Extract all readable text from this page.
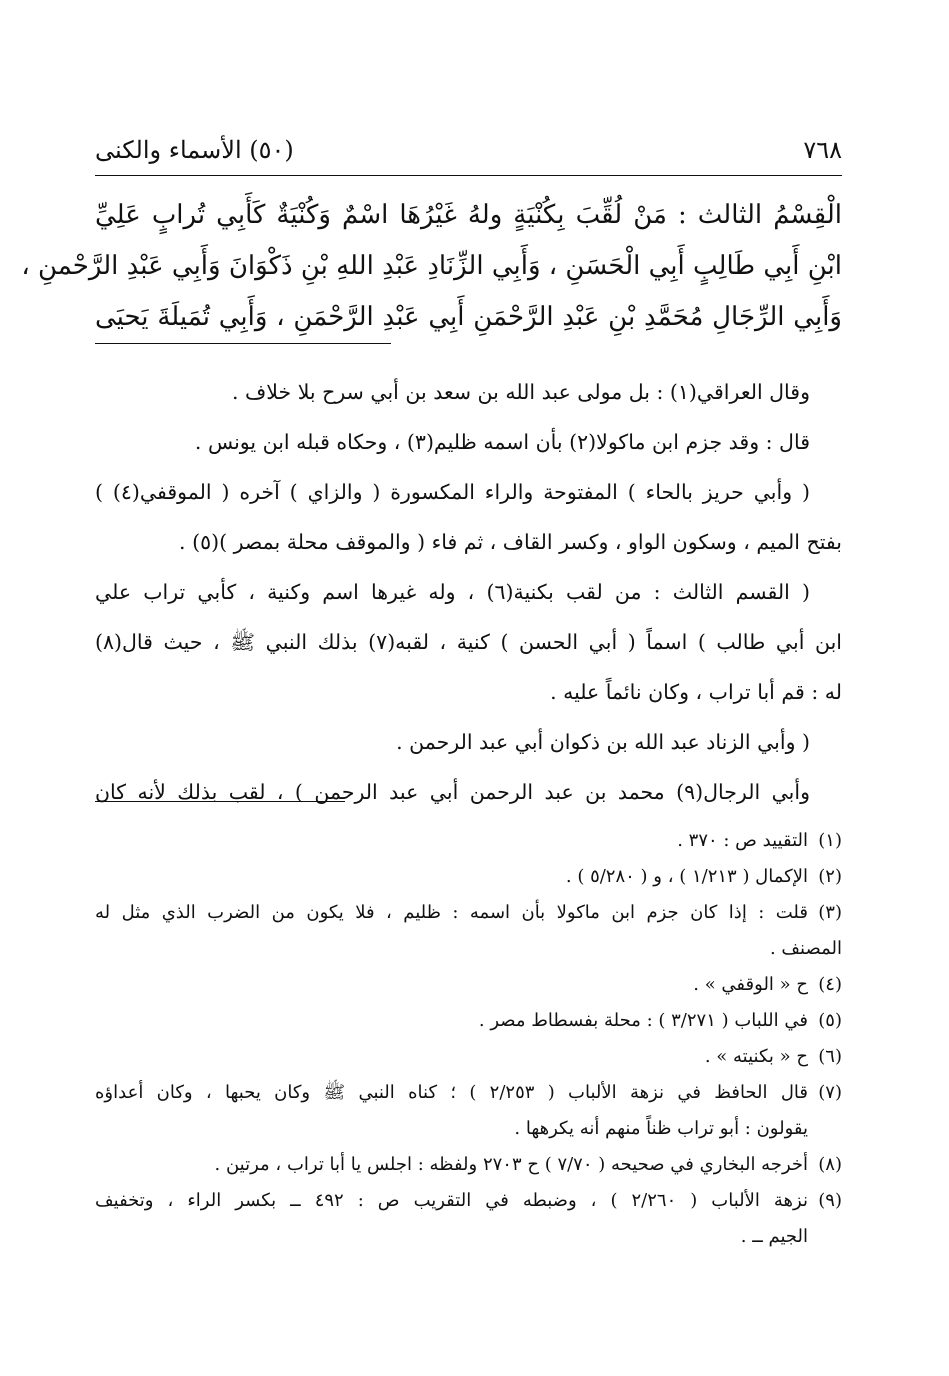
٧٦٨
(٥٠) الأسماء والكنى
الْقِسْمُ الثالث : مَنْ لُقِّبَ بِكُنْيَةٍ ولهُ غَيْرُهَا اسْمٌ وَكُنْيَةٌ كَأَبِي تُرابٍ عَلِيِّ
ابْنِ أَبِي طَالِبٍ أَبِي الْحَسَنِ ، وَأَبِي الزِّنَادِ عَبْدِ اللهِ بْنِ ذَكْوَانَ وَأَبِي عَبْدِ الرَّحْمنِ ،
وَأَبِي الرِّجَالِ مُحَمَّدِ بْنِ عَبْدِ الرَّحْمَنِ أَبِي عَبْدِ الرَّحْمَنِ ، وَأَبِي تُمَيلَةَ يَحيَى
وقال العراقي(١) : بل مولى عبد الله بن سعد بن أبي سرح بلا خلاف .
قال : وقد جزم ابن ماكولا(٢) بأن اسمه ظليم(٣) ، وحكاه قبله ابن يونس .
( وأبي حريز بالحاء ) المفتوحة والراء المكسورة ( والزاي ) آخره ( الموقفي(٤) )
بفتح الميم ، وسكون الواو ، وكسر القاف ، ثم فاء ( والموقف محلة بمصر )(٥) .
( القسم الثالث : من لقب بكنية(٦) ، وله غيرها اسم وكنية ، كأبي تراب علي
ابن أبي طالب ) اسماً ( أبي الحسن ) كنية ، لقبه(٧) بذلك النبي ﷺ ، حيث قال(٨)
له : قم أبا تراب ، وكان نائماً عليه .
( وأبي الزناد عبد الله بن ذكوان أبي عبد الرحمن .
وأبي الرجال(٩) محمد بن عبد الرحمن أبي عبد الرحمن ) ، لقب بذلك لأنه كان
(١)
التقييد ص : ٣٧٠ .
(٢)
الإكمال ( ١/٢١٣ ) ، و ( ٥/٢٨٠ ) .
(٣)
قلت : إذا كان جزم ابن ماكولا بأن اسمه : ظليم ، فلا يكون من الضرب الذي مثل له
المصنف .
(٤)
ح « الوقفي » .
(٥)
في اللباب ( ٣/٢٧١ ) : محلة بفسطاط مصر .
(٦)
ح « بكنيته » .
(٧)
قال الحافظ في نزهة الألباب ( ٢/٢٥٣ ) ؛ كناه النبي ﷺ وكان يحبها ، وكان أعداؤه
يقولون : أبو تراب ظناً منهم أنه يكرهها .
(٨)
أخرجه البخاري في صحيحه ( ٧/٧٠ ) ح ٢٧٠٣ ولفظه : اجلس يا أبا تراب ، مرتين .
(٩)
نزهة الألباب ( ٢/٢٦٠ ) ، وضبطه في التقريب ص : ٤٩٢ ــ بكسر الراء ، وتخفيف
الجيم ــ .
